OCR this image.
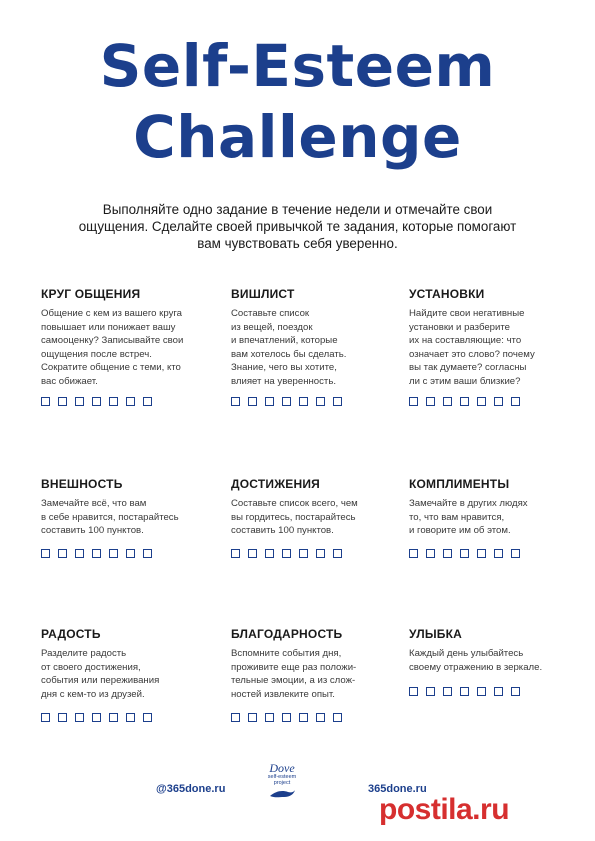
Self-Esteem
Challenge
Выполняйте одно задание в течение недели и отмечайте свои
ощущения. Сделайте своей привычкой те задания, которые помогают
вам чувствовать себя уверенно.
КРУГ ОБЩЕНИЯ
Общение с кем из вашего круга
повышает или понижает вашу
самооценку? Записывайте свои
ощущения после встреч.
Сократите общение с теми, кто
вас обижает.
ВИШЛИСТ
Составьте список
из вещей, поездок
и впечатлений, которые
вам хотелось бы сделать.
Знание, чего вы хотите,
влияет на уверенность.
УСТАНОВКИ
Найдите свои негативные
установки и разберите
их на составляющие: что
означает это слово? почему
вы так думаете? согласны
ли с этим ваши близкие?
ВНЕШНОСТЬ
Замечайте всё, что вам
в себе нравится, постарайтесь
составить 100 пунктов.
ДОСТИЖЕНИЯ
Составьте список всего, чем
вы гордитесь, постарайтесь
составить 100 пунктов.
КОМПЛИМЕНТЫ
Замечайте в других людях
то, что вам нравится,
и говорите им об этом.
РАДОСТЬ
Разделите радость
от своего достижения,
события или переживания
дня с кем-то из друзей.
БЛАГОДАРНОСТЬ
Вспомните события дня,
проживите еще раз положи-
тельные эмоции, а из слож-
ностей извлеките опыт.
УЛЫБКА
Каждый день улыбайтесь
своему отражению в зеркале.
@365done.ru
Dove
self-esteem
project	365done.ru
postila.ru
